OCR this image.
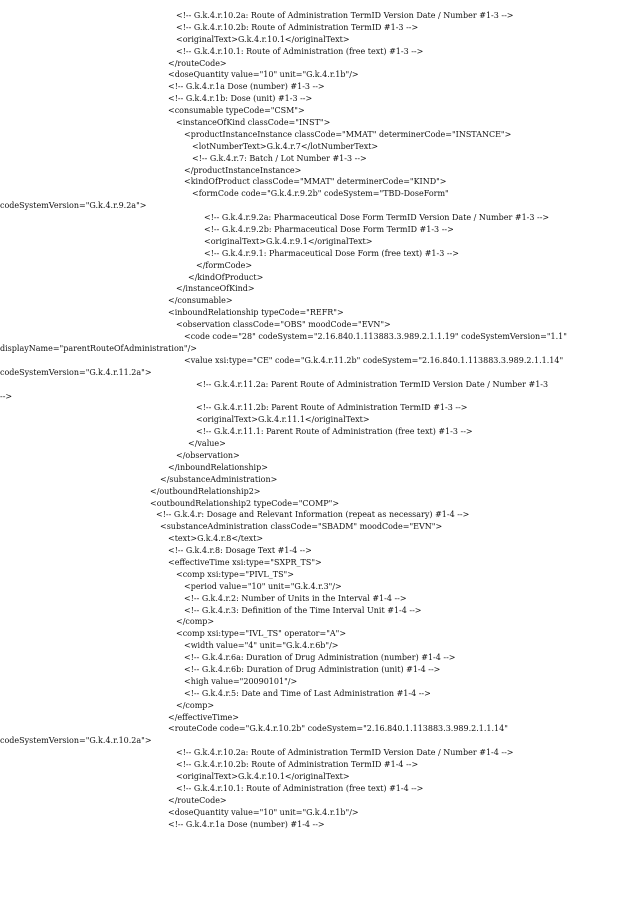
<!-- G.k.4.r.10.2a: Route of Administration TermID Version Date / Number #1-3 -->
<!-- G.k.4.r.10.2b: Route of Administration TermID #1-3 -->
<originalText>G.k.4.r.10.1</originalText>
<!-- G.k.4.r.10.1: Route of Administration (free text) #1-3 -->
</routeCode>
<doseQuantity value="10" unit="G.k.4.r.1b"/>
<!-- G.k.4.r.1a Dose (number) #1-3 -->
<!-- G.k.4.r.1b: Dose (unit) #1-3 -->
<consumable typeCode="CSM">
<instanceOfKind classCode="INST">
<productInstanceInstance classCode="MMAT" determinerCode="INSTANCE">
<lotNumberText>G.k.4.r.7</lotNumberText>
<!-- G.k.4.r.7: Batch / Lot Number #1-3 -->
</productInstanceInstance>
<kindOfProduct classCode="MMAT" determinerCode="KIND">
<formCode code="G.k.4.r.9.2b" codeSystem="TBD-DoseForm"
codeSystemVersion="G.k.4.r.9.2a">
<!-- G.k.4.r.9.2a: Pharmaceutical Dose Form TermID Version Date / Number #1-3 -->
<!-- G.k.4.r.9.2b: Pharmaceutical Dose Form TermID #1-3 -->
<originalText>G.k.4.r.9.1</originalText>
<!-- G.k.4.r.9.1: Pharmaceutical Dose Form (free text) #1-3 -->
</formCode>
</kindOfProduct>
</instanceOfKind>
</consumable>
<inboundRelationship typeCode="REFR">
<observation classCode="OBS" moodCode="EVN">
<code code="28" codeSystem="2.16.840.1.113883.3.989.2.1.1.19" codeSystemVersion="1.1"
displayName="parentRouteOfAdministration"/>
<value xsi:type="CE" code="G.k.4.r.11.2b" codeSystem="2.16.840.1.113883.3.989.2.1.1.14"
codeSystemVersion="G.k.4.r.11.2a">
<!-- G.k.4.r.11.2a: Parent Route of Administration TermID Version Date / Number #1-3
-->
<!-- G.k.4.r.11.2b: Parent Route of Administration TermID #1-3 -->
<originalText>G.k.4.r.11.1</originalText>
<!-- G.k.4.r.11.1: Parent Route of Administration (free text) #1-3 -->
</value>
</observation>
</inboundRelationship>
</substanceAdministration>
</outboundRelationship2>
<outboundRelationship2 typeCode="COMP">
<!-- G.k.4.r: Dosage and Relevant Information (repeat as necessary) #1-4 -->
<substanceAdministration classCode="SBADM" moodCode="EVN">
<text>G.k.4.r.8</text>
<!-- G.k.4.r.8: Dosage Text #1-4 -->
<effectiveTime xsi:type="SXPR_TS">
<comp xsi:type="PIVL_TS">
<period value="10" unit="G.k.4.r.3"/>
<!-- G.k.4.r.2: Number of Units in the Interval #1-4 -->
<!-- G.k.4.r.3: Definition of the Time Interval Unit #1-4 -->
</comp>
<comp xsi:type="IVL_TS" operator="A">
<width value="4" unit="G.k.4.r.6b"/>
<!-- G.k.4.r.6a: Duration of Drug Administration (number) #1-4 -->
<!-- G.k.4.r.6b: Duration of Drug Administration (unit) #1-4 -->
<high value="20090101"/>
<!-- G.k.4.r.5: Date and Time of Last Administration #1-4 -->
</comp>
</effectiveTime>
<routeCode code="G.k.4.r.10.2b" codeSystem="2.16.840.1.113883.3.989.2.1.1.14"
codeSystemVersion="G.k.4.r.10.2a">
<!-- G.k.4.r.10.2a: Route of Administration TermID Version Date / Number #1-4 -->
<!-- G.k.4.r.10.2b: Route of Administration TermID #1-4 -->
<originalText>G.k.4.r.10.1</originalText>
<!-- G.k.4.r.10.1: Route of Administration (free text) #1-4 -->
</routeCode>
<doseQuantity value="10" unit="G.k.4.r.1b"/>
<!-- G.k.4.r.1a Dose (number) #1-4 -->
